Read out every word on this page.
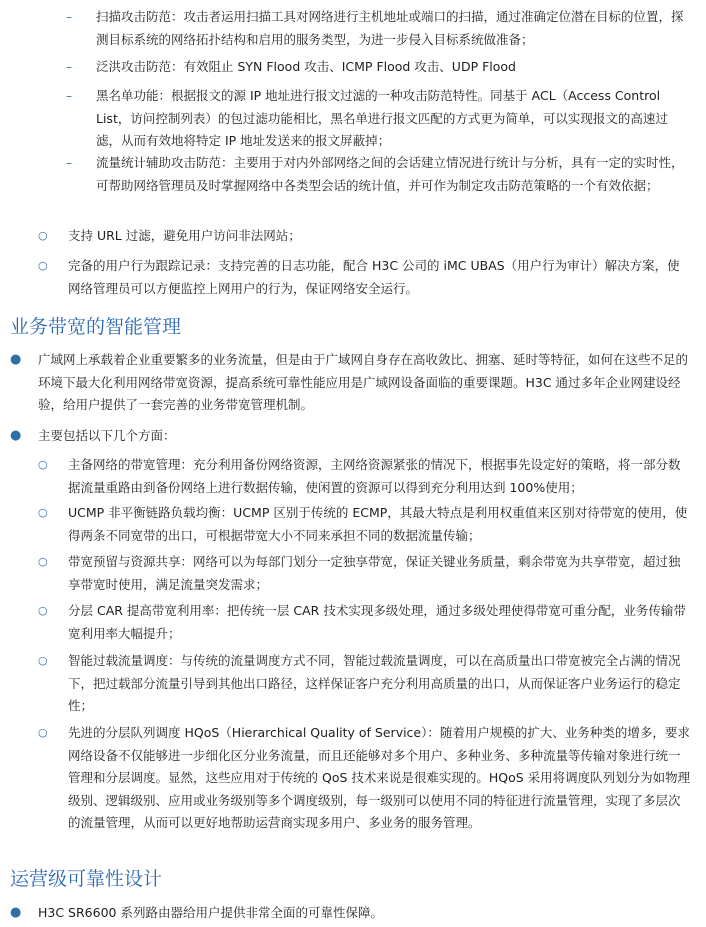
– 扫描攻击防范：攻击者运用扫描工具对网络进行主机地址或端口的扫描，通过准确定位潜在目标的位置，探测目标系统的网络拓扑结构和启用的服务类型，为进一步侵入目标系统做准备；
– 泛洪攻击防范：有效阻止 SYN Flood 攻击、ICMP Flood 攻击、UDP Flood
– 黑名单功能：根据报文的源 IP 地址进行报文过滤的一种攻击防范特性。同基于 ACL（Access Control List，访问控制列表）的包过滤功能相比，黑名单进行报文匹配的方式更为简单，可以实现报文的高速过滤，从而有效地将特定 IP 地址发送来的报文屏蔽掉；
– 流量统计辅助攻击防范：主要用于对内外部网络之间的会话建立情况进行统计与分析，具有一定的实时性，可帮助网络管理员及时掌握网络中各类型会话的统计值，并可作为制定攻击防范策略的一个有效依据；
○ 支持 URL 过滤，避免用户访问非法网站；
○ 完备的用户行为跟踪记录：支持完善的日志功能，配合 H3C 公司的 iMC UBAS（用户行为审计）解决方案，使网络管理员可以方便监控上网用户的行为，保证网络安全运行。
业务带宽的智能管理
● 广域网上承载着企业重要繁多的业务流量，但是由于广域网自身存在高收敛比、拥塞、延时等特征，如何在这些不足的环境下最大化利用网络带宽资源，提高系统可靠性能应用是广域网设备面临的重要课题。H3C 通过多年企业网建设经验，给用户提供了一套完善的业务带宽管理机制。
● 主要包括以下几个方面：
○ 主备网络的带宽管理：充分利用备份网络资源，主网络资源紧张的情况下，根据事先设定好的策略，将一部分数据流量重路由到备份网络上进行数据传输，使闲置的资源可以得到充分利用达到 100%使用；
○ UCMP 非平衡链路负载均衡：UCMP 区别于传统的 ECMP，其最大特点是利用权重值来区别对待带宽的使用，使得两条不同宽带的出口，可根据带宽大小不同来承担不同的数据流量传输；
○ 带宽预留与资源共享：网络可以为每部门划分一定独享带宽，保证关键业务质量，剩余带宽为共享带宽，超过独享带宽时使用，满足流量突发需求；
○ 分层 CAR 提高带宽利用率：把传统一层 CAR 技术实现多级处理，通过多级处理使得带宽可重分配，业务传输带宽利用率大幅提升；
○ 智能过载流量调度：与传统的流量调度方式不同，智能过载流量调度，可以在高质量出口带宽被完全占满的情况下，把过载部分流量引导到其他出口路径，这样保证客户充分利用高质量的出口，从而保证客户业务运行的稳定性；
○ 先进的分层队列调度 HQoS（Hierarchical Quality of Service）：随着用户规模的扩大、业务种类的增多，要求网络设备不仅能够进一步细化区分业务流量，而且还能够对多个用户、多种业务、多种流量等传输对象进行统一管理和分层调度。显然，这些应用对于传统的 QoS 技术来说是很难实现的。HQoS 采用将调度队列划分为如物理级别、逻辑级别、应用或业务级别等多个调度级别，每一级别可以使用不同的特征进行流量管理，实现了多层次的流量管理，从而可以更好地帮助运营商实现多用户、多业务的服务管理。
运营级可靠性设计
● H3C SR6600 系列路由器给用户提供非常全面的可靠性保障。
